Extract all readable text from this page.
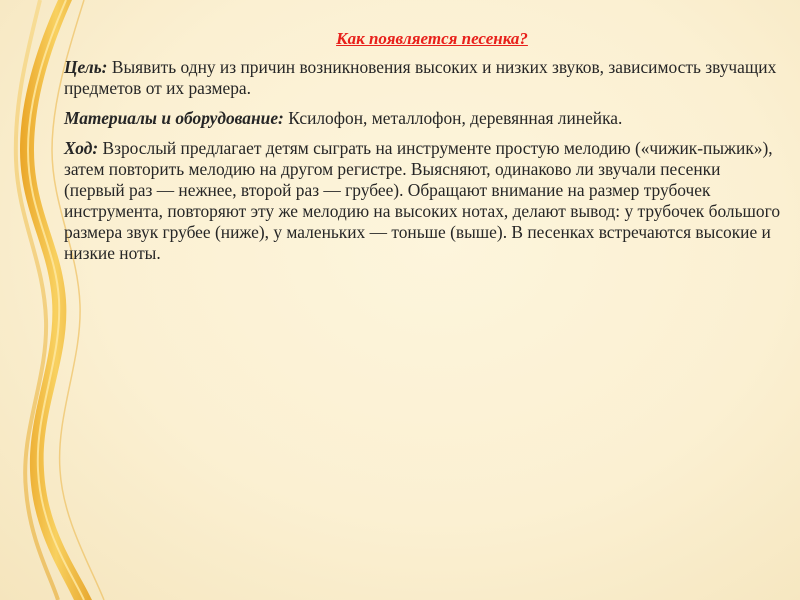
Как появляется песенка?

Цель: Выявить одну из причин возникновения высоких и низких звуков, зависимость звучащих предметов от их размера.

Материалы и оборудование: Ксилофон, металлофон, деревянная линейка.

Ход: Взрослый предлагает детям сыграть на инструменте простую мелодию («чижик-пыжик»), затем повторить мелодию на другом регистре. Выясняют, одинаково ли звучали песенки (первый раз — нежнее, второй раз — грубее). Обращают внимание на размер трубочек инструмента, повторяют эту же мелодию на высоких нотах, делают вывод: у трубочек большого размера звук грубее (ниже), у маленьких — тоньше (выше). В песенках встречаются высокие и низкие ноты.
